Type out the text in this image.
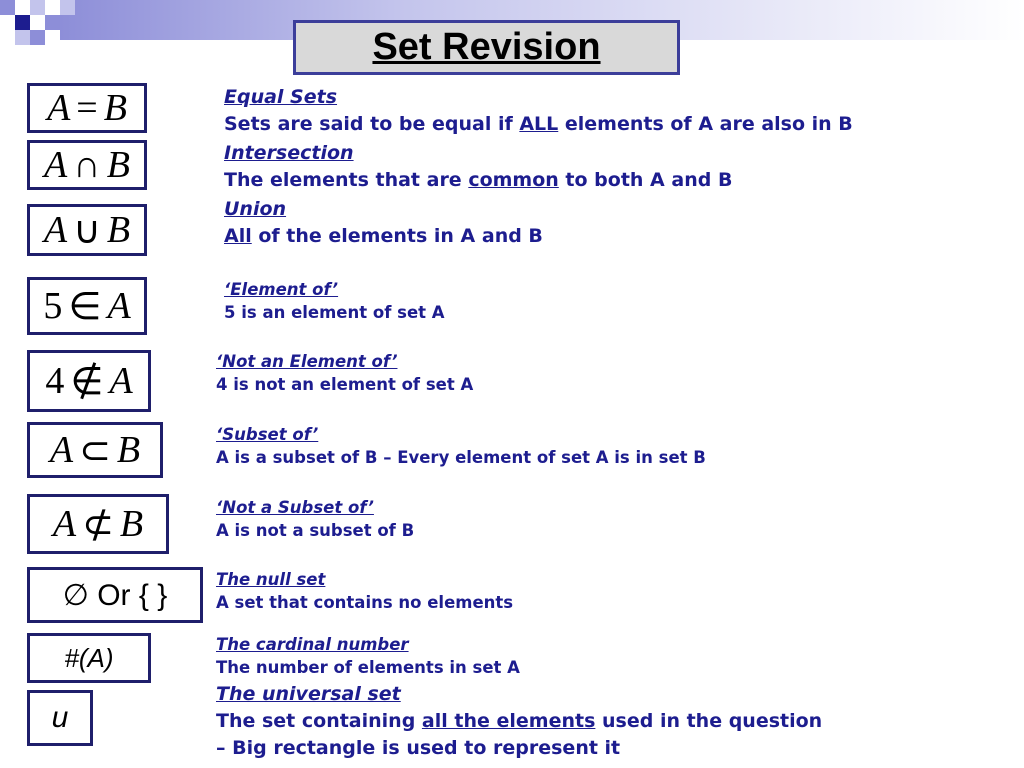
Set Revision
A = B
A ∩ B
A ∪ B
5 ∈ A
4 ∉ A
A ⊂ B
A ⊄ B
∅ Or { }
#(A)
u
Equal Sets
Sets are said to be equal if ALL elements of A are also in B
Intersection
The elements that are common to both A and B
Union
All of the elements in A and B
‘Element of’
5 is an element of set A
‘Not an Element of’
4 is not an element of set A
‘Subset of’
A is a subset of B – Every element of set A is in set B
‘Not a Subset of’
A is not a subset of B
The null set
A set that contains no elements
The cardinal number
The number of elements in set A
The universal set
The set containing all the elements used in the question
– Big rectangle is used to represent it
